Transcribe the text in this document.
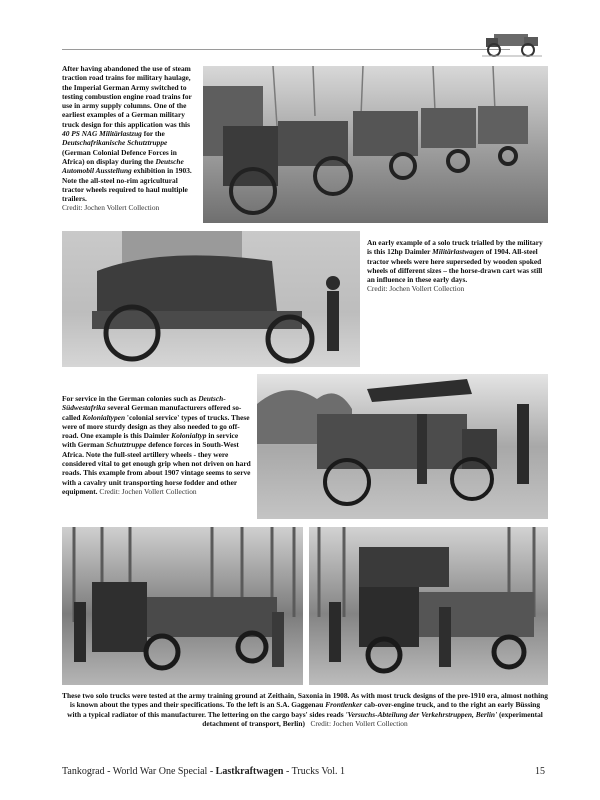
After having abandoned the use of steam traction road trains for military haulage, the Imperial German Army switched to testing combustion engine road trains for use in army supply columns. One of the earliest examples of a German military truck design for this application was this 40 PS NAG Militärlastzug for the Deutschafrikanische Schutztruppe (German Colonial Defence Forces in Africa) on display during the Deutsche Automobil Ausstellung exhibition in 1903. Note the all-steel no-rim agricultural tractor wheels required to haul multiple trailers.
Credit: Jochen Vollert Collection
An early example of a solo truck trialled by the military is this 12hp Daimler Militärlastwagen of 1904. All-steel tractor wheels were here superseded by wooden spoked wheels of different sizes – the horse-drawn cart was still an influence in these early days.
Credit: Jochen Vollert Collection
For service in the German colonies such as Deutsch-Südwestafrika several German manufacturers offered so-called Kolonialtypen 'colonial service' types of trucks. These were of more sturdy design as they also needed to go off-road. One example is this Daimler Kolonialtyp in service with German Schutztruppe defence forces in South-West Africa. Note the full-steel artillery wheels - they were considered vital to get enough grip when not driven on hard roads. This example from about 1907 vintage seems to serve with a cavalry unit transporting horse fodder and other equipment. Credit: Jochen Vollert Collection
These two solo trucks were tested at the army training ground at Zeithain, Saxonia in 1908. As with most truck designs of the pre-1910 era, almost nothing is known about the types and their specifications. To the left is an S.A. Gaggenau Frontlenker cab-over-engine truck, and to the right an early Büssing with a typical radiator of this manufacturer. The lettering on the cargo bays' sides reads 'Versuchs-Abteilung der Verkehrstruppen, Berlin' (experimental detachment of transport, Berlin) Credit: Jochen Vollert Collection
Tankograd - World War One Special - Lastkraftwagen - Trucks Vol. 1	15
